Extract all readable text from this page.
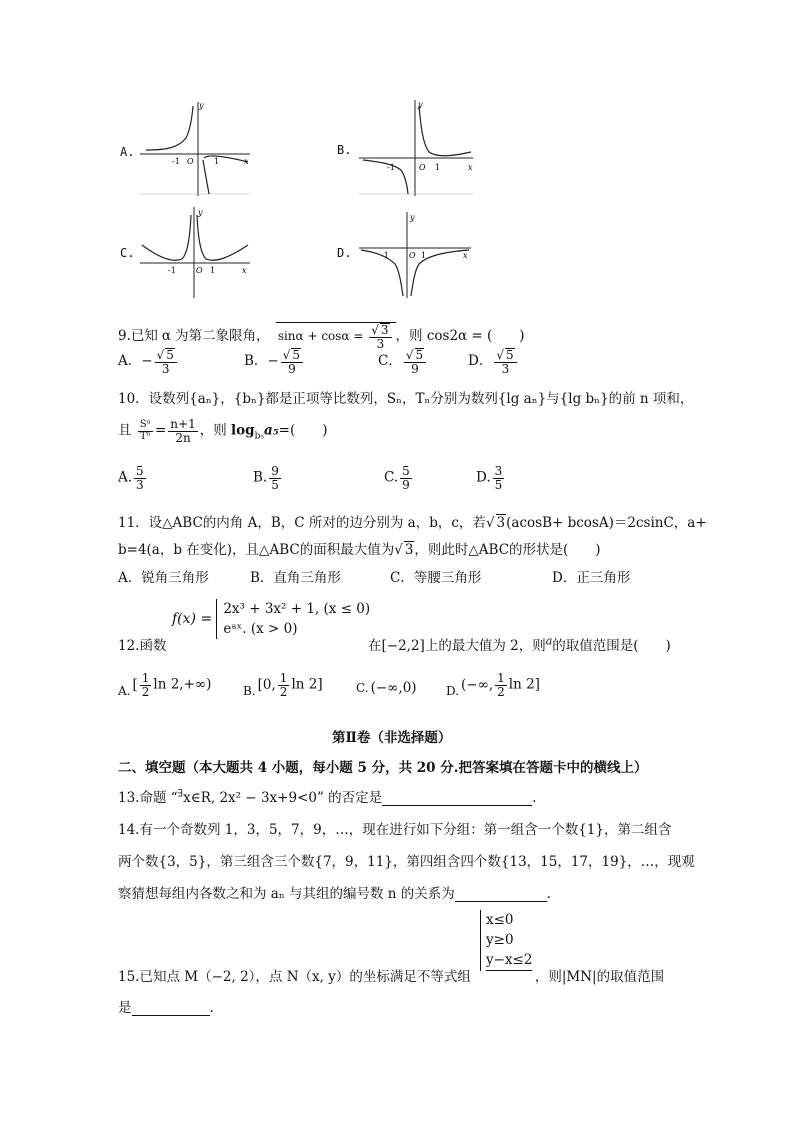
A.
y
x
-1 O	1
B.
y
x
-1	O 1
C.
y
x
-1	O 1
D.
y
x
-1	O 1
9.已知 α 为第二象限角， $\sin\alpha + \cos\alpha = \frac{√ 3}{3}$ ，则 cos2α = (　　)
A．− $\frac{√ 5}{3}$	B．− $\frac{√ 5}{9}$	C． $\frac{√ 5}{9}$	D． $\frac{√ 5}{3}$
10．设数列{aₙ}，{bₙ}都是正项等比数列，Sₙ，Tₙ分别为数列{lg aₙ}与{lg bₙ}的前 n 项和，
且 $\frac{\text{Sⁿ}}{\text{Tⁿ}} = \frac{n+1}{2n}$ ，则 $\log_{b_5}a_5=$(　　)
A. $\frac{5}{3}$	B. $\frac{9}{5}$	C. $\frac{5}{9}$	D. $\frac{3}{5}$
11．设△ABC的内角 A，B，C 所对的边分别为 a，b，c，若√ 3(acosB+ bcosA)＝2csinC，a+
b=4(a，b 在变化)，且△ABC的面积最大值为√ 3，则此时△ABC的形状是(　　)
A．锐角三角形	B．直角三角形	C．等腰三角形	D．正三角形
12.函数
f(x) =
2x³ + 3x² + 1, (x ≤ 0)
eᵃˣ. (x > 0)
在[−2,2]上的最大值为 2，则$^a$的取值范围是(　　)
A. [ $\frac{1}{2}$ ln 2,+∞)	B. [0, $\frac{1}{2}$ ln 2]	C. (−∞,0) D. (−∞, $\frac{1}{2}$ ln 2]
第Ⅱ卷（非选择题）
二、填空题（本大题共 4 小题，每小题 5 分，共 20 分.把答案填在答题卡中的横线上）
13.命题 “∃x∈R, 2x² − 3x+9<0” 的否定是	.
14.有一个奇数列 1，3，5，7，9，…，现在进行如下分组：第一组含一个数{1}，第二组含
两个数{3，5}，第三组含三个数{7，9，11}，第四组含四个数{13，15，17，19}，…，现观
察猜想每组内各数之和为 aₙ 与其组的编号数 n 的关系为	.
x≤0
y≥0
y−x≤2
15.已知点 M（−2, 2），点 N（x, y）的坐标满足不等式组	，则|MN|的取值范围
是	.
